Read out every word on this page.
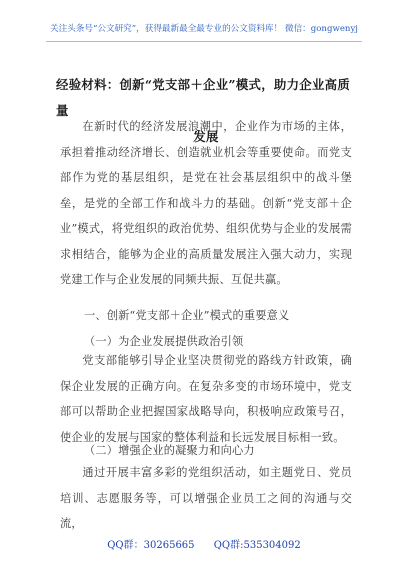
关注头条号“公文研究”，获得最新最全最专业的公文资料库！ 微信：gongwenyj
经验材料：创新“党支部＋企业”模式，助力企业高质量
发展
在新时代的经济发展浪潮中，企业作为市场的主体，承担着推动经济增长、创造就业机会等重要使命。而党支部作为党的基层组织，是党在社会基层组织中的战斗堡垒，是党的全部工作和战斗力的基础。创新“党支部＋企业”模式，将党组织的政治优势、组织优势与企业的发展需求相结合，能够为企业的高质量发展注入强大动力，实现党建工作与企业发展的同频共振、互促共赢。
一、创新“党支部＋企业”模式的重要意义
（一）为企业发展提供政治引领
党支部能够引导企业坚决贯彻党的路线方针政策，确保企业发展的正确方向。在复杂多变的市场环境中，党支部可以帮助企业把握国家战略导向，积极响应政策号召，使企业的发展与国家的整体利益和长远发展目标相一致。
（二）增强企业的凝聚力和向心力
通过开展丰富多彩的党组织活动，如主题党日、党员培训、志愿服务等，可以增强企业员工之间的沟通与交流，
QQ群：30265665 QQ群:535304092
